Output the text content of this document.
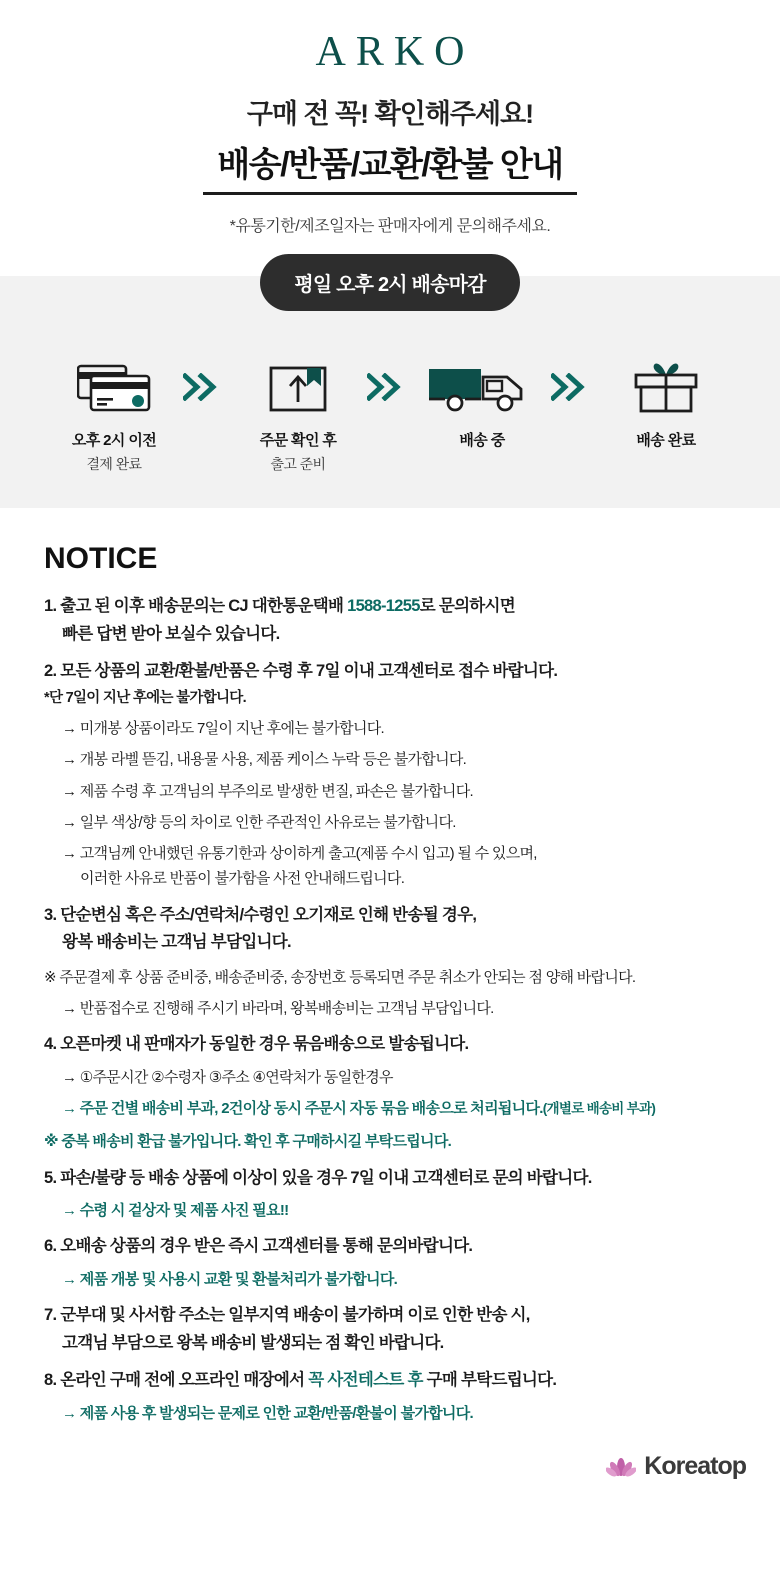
ARKO
구매 전 꼭! 확인해주세요!
배송/반품/교환/환불 안내
*유통기한/제조일자는 판매자에게 문의해주세요.
평일 오후 2시 배송마감
오후 2시 이전
결제 완료
주문 확인 후
출고 준비
배송 중	배송 완료
NOTICE
1. 출고 된 이후 배송문의는 CJ 대한통운택배 1588-1255로 문의하시면
빠른 답변 받아 보실수 있습니다.
2. 모든 상품의 교환/환불/반품은 수령 후 7일 이내 고객센터로 접수 바랍니다.
*단 7일이 지난 후에는 불가합니다.
→ 미개봉 상품이라도 7일이 지난 후에는 불가합니다.
→ 개봉 라벨 뜯김, 내용물 사용, 제품 케이스 누락 등은 불가합니다.
→ 제품 수령 후 고객님의 부주의로 발생한 변질, 파손은 불가합니다.
→ 일부 색상/향 등의 차이로 인한 주관적인 사유로는 불가합니다.
→ 고객님께 안내했던 유통기한과 상이하게 출고(제품 수시 입고) 될 수 있으며,
이러한 사유로 반품이 불가함을 사전 안내해드립니다.
3. 단순변심 혹은 주소/연락처/수령인 오기재로 인해 반송될 경우,
왕복 배송비는 고객님 부담입니다.
※ 주문결제 후 상품 준비중, 배송준비중, 송장번호 등록되면 주문 취소가 안되는 점 양해 바랍니다.
→ 반품접수로 진행해 주시기 바라며, 왕복배송비는 고객님 부담입니다.
4. 오픈마켓 내 판매자가 동일한 경우 묶음배송으로 발송됩니다.
→ ①주문시간 ②수령자 ③주소 ④연락처가 동일한경우
→ 주문 건별 배송비 부과, 2건이상 동시 주문시 자동 묶음 배송으로 처리됩니다.(개별로 배송비 부과)
※ 중복 배송비 환급 불가입니다. 확인 후 구매하시길 부탁드립니다.
5. 파손/불량 등 배송 상품에 이상이 있을 경우 7일 이내 고객센터로 문의 바랍니다.
→ 수령 시 겉상자 및 제품 사진 필요!!
6. 오배송 상품의 경우 받은 즉시 고객센터를 통해 문의바랍니다.
→ 제품 개봉 및 사용시 교환 및 환불처리가 불가합니다.
7. 군부대 및 사서함 주소는 일부지역 배송이 불가하며 이로 인한 반송 시,
고객님 부담으로 왕복 배송비 발생되는 점 확인 바랍니다.
8. 온라인 구매 전에 오프라인 매장에서 꼭 사전테스트 후 구매 부탁드립니다.
→ 제품 사용 후 발생되는 문제로 인한 교환/반품/환불이 불가합니다.
Koreatop
